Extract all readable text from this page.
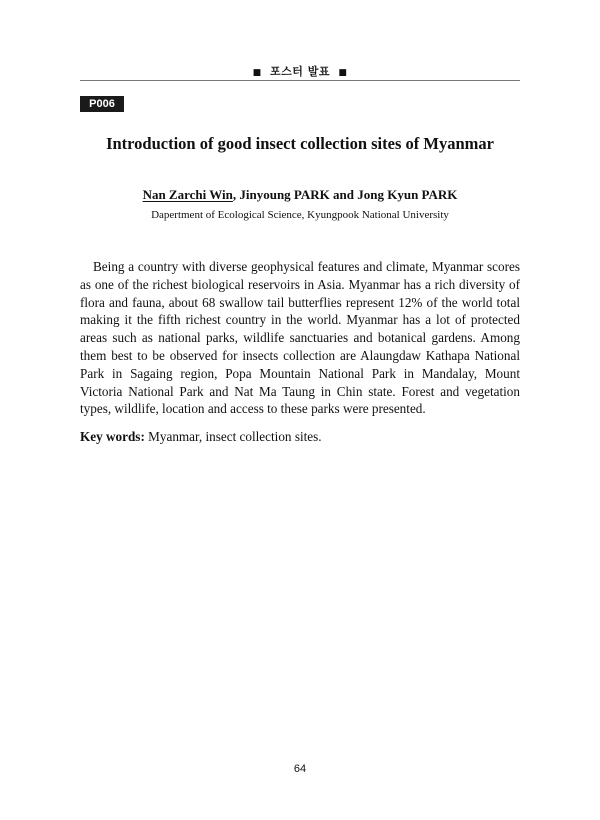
■ 포스터 발표 ■
P006
Introduction of good insect collection sites of Myanmar
Nan Zarchi Win, Jinyoung PARK and Jong Kyun PARK
Dapertment of Ecological Science, Kyungpook National University

Being a country with diverse geophysical features and climate, Myanmar scores as one of the richest biological reservoirs in Asia. Myanmar has a rich diversity of flora and fauna, about 68 swallow tail butterflies represent 12% of the world total making it the fifth richest country in the world. Myanmar has a lot of protected areas such as national parks, wildlife sanctuaries and botanical gardens. Among them best to be observed for insects collection are Alaungdaw Kathapa National Park in Sagaing region, Popa Mountain National Park in Mandalay, Mount Victoria National Park and Nat Ma Taung in Chin state. Forest and vegetation types, wildlife, location and access to these parks were presented.

Key words: Myanmar, insect collection sites.

64
